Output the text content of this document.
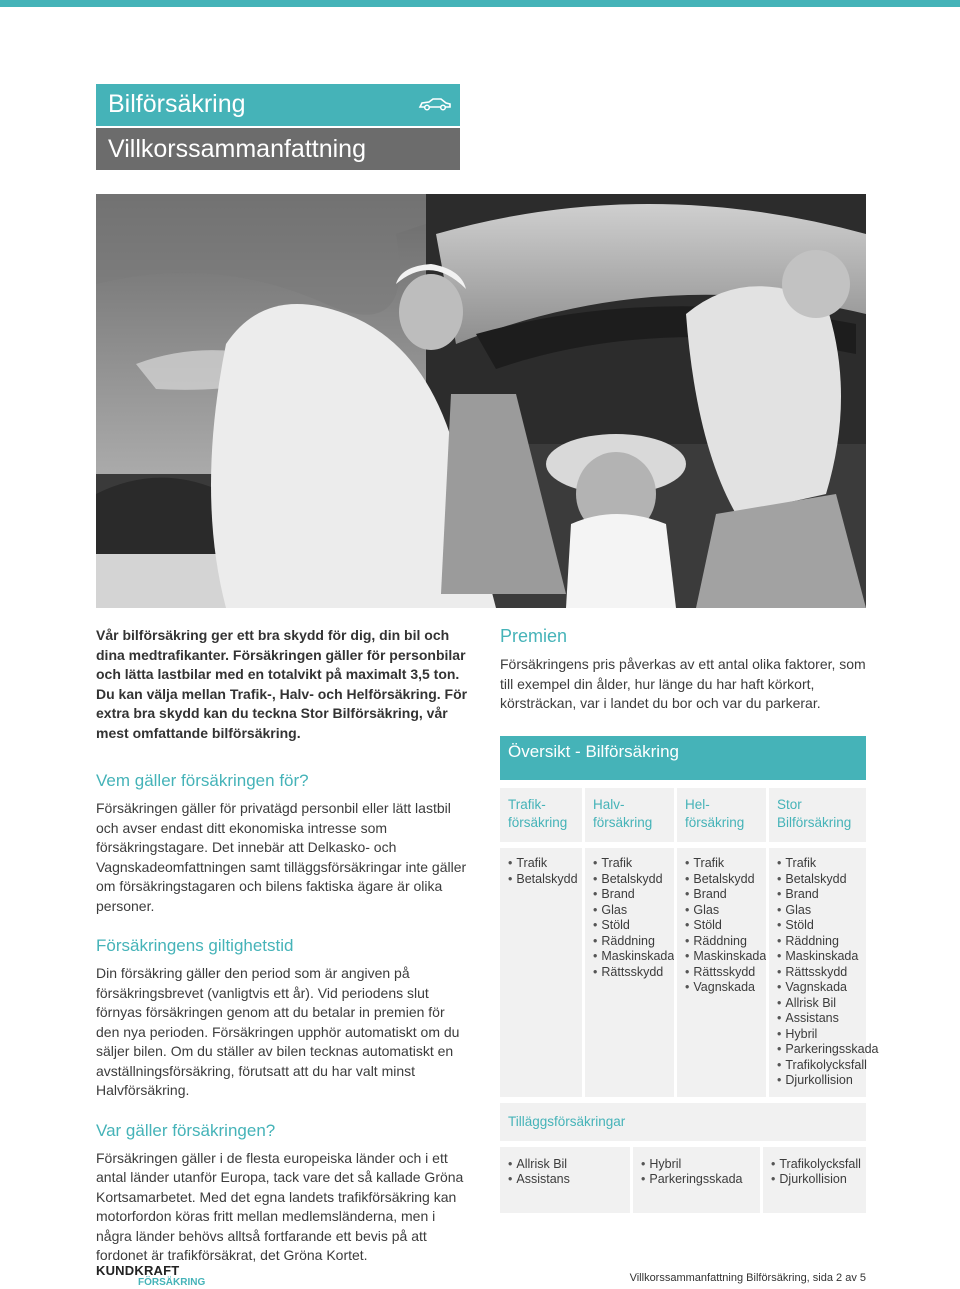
Bilförsäkring
Villkorssammanfattning

Vår bilförsäkring ger ett bra skydd för dig, din bil och dina medtrafikanter. Försäkringen gäller för personbilar och lätta lastbilar med en totalvikt på maximalt 3,5 ton. Du kan välja mellan Trafik-, Halv- och Helförsäkring. För extra bra skydd kan du teckna Stor Bilförsäkring, vår mest omfattande bilförsäkring.

Vem gäller försäkringen för?

Försäkringen gäller för privatägd personbil eller lätt lastbil och avser endast ditt ekonomiska intresse som försäkringstagare. Det innebär att Delkasko- och Vagnskadeomfattningen samt tilläggsförsäkringar inte gäller om försäkringstagaren och bilens faktiska ägare är olika personer.

Försäkringens giltighetstid

Din försäkring gäller den period som är angiven på försäkringsbrevet (vanligtvis ett år). Vid periodens slut förnyas försäkringen genom att du betalar in premien för den nya perioden. Försäkringen upphör automatiskt om du säljer bilen. Om du ställer av bilen tecknas automatiskt en avställningsförsäkring, förutsatt att du har valt minst Halvförsäkring.

Var gäller försäkringen?

Försäkringen gäller i de flesta europeiska länder och i ett antal länder utanför Europa, tack vare det så kallade Gröna Kortsamarbetet. Med det egna landets trafikförsäkring kan motorfordon köras fritt mellan medlemsländerna, men i några länder behövs alltså fortfarande ett bevis på att fordonet är trafikförsäkrat, det Gröna Kortet.

Premien

Försäkringens pris påverkas av ett antal olika faktorer, som till exempel din ålder, hur länge du har haft körkort, körsträckan, var i landet du bor och var du parkerar.

Översikt - Bilförsäkring
Trafik-
försäkring
Halv-
försäkring
Hel-
försäkring
Stor
Bilförsäkring
• Trafik
• Betalskydd
• Trafik
• Betalskydd
• Brand
• Glas
• Stöld
• Räddning
• Maskinskada
• Rättsskydd
• Trafik
• Betalskydd
• Brand
• Glas
• Stöld
• Räddning
• Maskinskada
• Rättsskydd
• Vagnskada
• Trafik
• Betalskydd
• Brand
• Glas
• Stöld
• Räddning
• Maskinskada
• Rättsskydd
• Vagnskada
• Allrisk Bil
• Assistans
• Hybril
• Parkeringsskada
• Trafikolycksfall
• Djurkollision
Tilläggsförsäkringar
• Allrisk Bil
• Assistans
• Hybril
• Parkeringsskada
• Trafikolycksfall
• Djurkollision
KUNDKRAFT
FÖRSÄKRING	Villkorssammanfattning Bilförsäkring, sida 2 av 5
